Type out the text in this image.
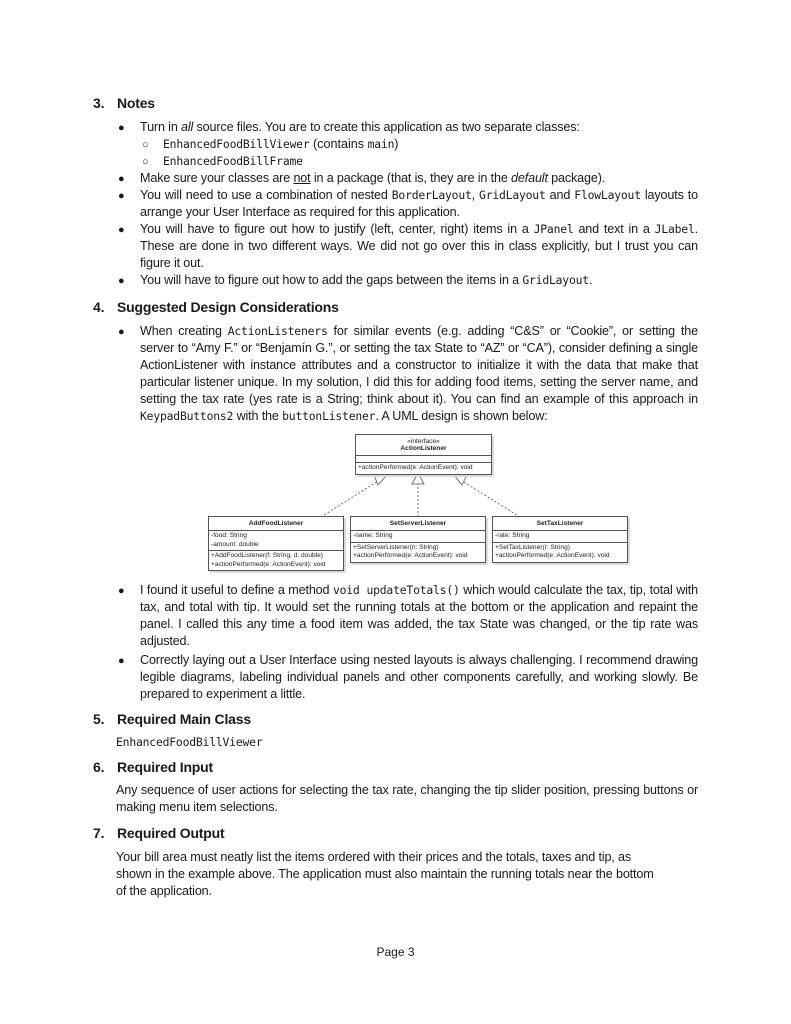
3. Notes
● Turn in all source files. You are to create this application as two separate classes:
○ EnhancedFoodBillViewer (contains main)
○ EnhancedFoodBillFrame
● Make sure your classes are not in a package (that is, they are in the default package).
● You will need to use a combination of nested BorderLayout, GridLayout and FlowLayout layouts to arrange your User Interface as required for this application.
● You will have to figure out how to justify (left, center, right) items in a JPanel and text in a JLabel. These are done in two different ways. We did not go over this in class explicitly, but I trust you can figure it out.
● You will have to figure out how to add the gaps between the items in a GridLayout.
4. Suggested Design Considerations
● When creating ActionListeners for similar events (e.g. adding “C&S” or “Cookie”, or setting the server to “Amy F.” or “Benjamín G.”, or setting the tax State to “AZ” or “CA”), consider defining a single ActionListener with instance attributes and a constructor to initialize it with the data that make that particular listener unique. In my solution, I did this for adding food items, setting the server name, and setting the tax rate (yes rate is a String; think about it). You can find an example of this approach in KeypadButtons2 with the buttonListener. A UML design is shown below:
«interface»
ActionListener
+actionPerformed(e: ActionEvent): void
AddFoodListener
-food: String
-amount: double
+AddFoodListener(f: String, d: double)
+actionPerformed(e: ActionEvent): void
SetServerListener
-name: String
+SetServerListener(n: String)
+actionPerformed(e: ActionEvent): void
SetTaxListener
-rate: String
+SetTaxListener(r: String)
+actionPerformed(e: ActionEvent): void
● I found it useful to define a method void updateTotals() which would calculate the tax, tip, total with tax, and total with tip. It would set the running totals at the bottom or the application and repaint the panel. I called this any time a food item was added, the tax State was changed, or the tip rate was adjusted.
● Correctly laying out a User Interface using nested layouts is always challenging. I recommend drawing legible diagrams, labeling individual panels and other components carefully, and working slowly. Be prepared to experiment a little.
5. Required Main Class
EnhancedFoodBillViewer
6. Required Input
Any sequence of user actions for selecting the tax rate, changing the tip slider position, pressing buttons or making menu item selections.
7. Required Output
Your bill area must neatly list the items ordered with their prices and the totals, taxes and tip, as
shown in the example above. The application must also maintain the running totals near the bottom
of the application.
Page 3
